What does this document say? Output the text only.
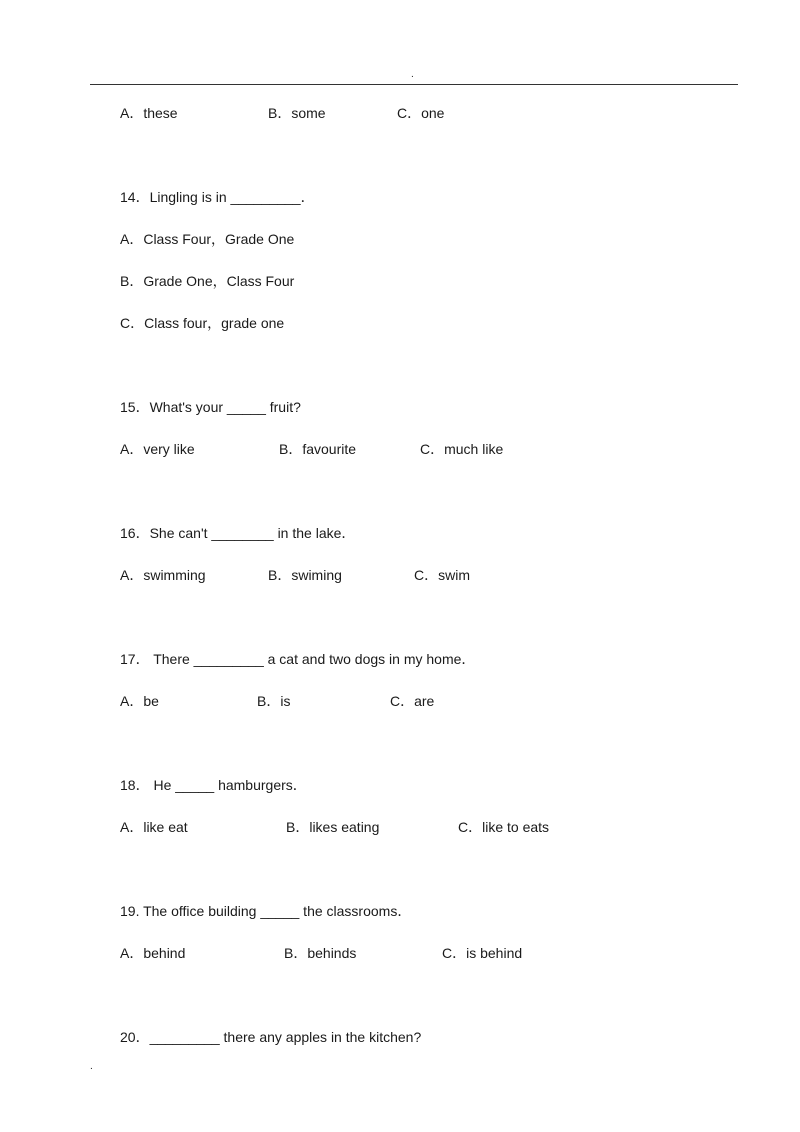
.

A．these

	B．some

	C．one

14．Lingling is in _________．
A．Class Four，Grade One
B．Grade One，Class Four
C．Class four，grade one
15．What's your _____ fruit?

A．very like

	B．favourite

	C．much like

16．She can't ________ in the lake．

A．swimming

	B．swiming

	C．swim

17． There _________ a cat and two dogs in my home．

A．be

	B．is

	C．are

18． He _____ hamburgers．

A．like eat

	B．likes eating

	C．like to eats

19. The office building _____ the classrooms．

A．behind

	B．behinds

	C．is behind

20．_________ there any apples in the kitchen?
.
